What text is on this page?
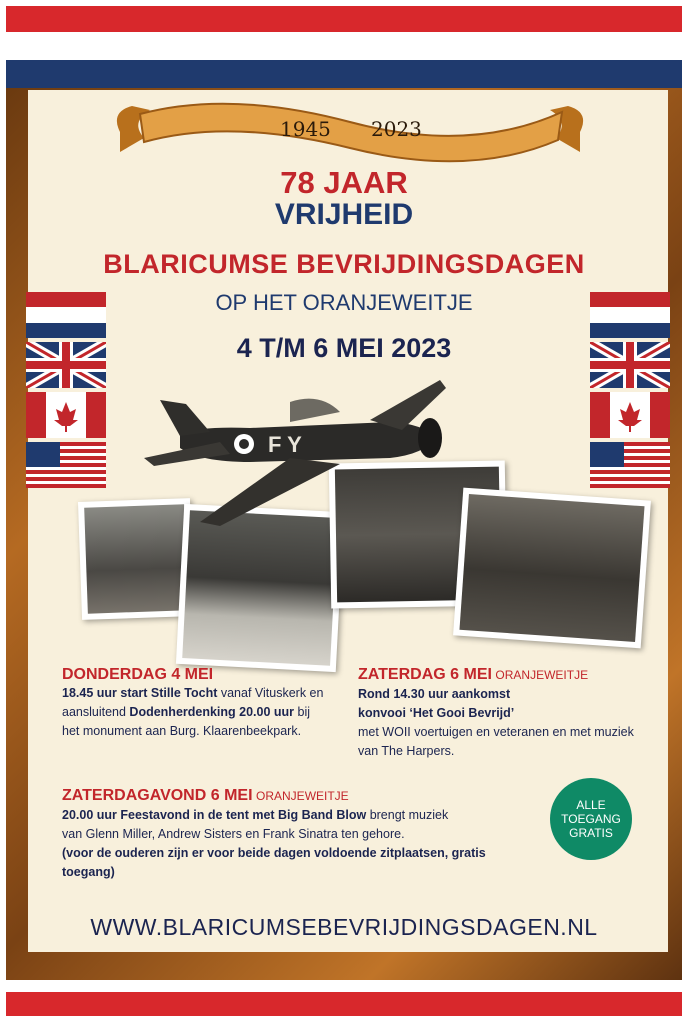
1945 2023
78 JAAR
VRIJHEID
BLARICUMSE BEVRIJDINGSDAGEN
OP HET ORANJEWEITJE
4 T/M 6 MEI 2023
F Y
DONDERDAG 4 MEI
18.45 uur start Stille Tocht vanaf Vituskerk en
aansluitend Dodenherdenking 20.00 uur bij
het monument aan Burg. Klaarenbeekpark.
ZATERDAG 6 MEI ORANJEWEITJE
Rond 14.30 uur aankomst
konvooi ‘Het Gooi Bevrijd’
met WOII voertuigen en veteranen en met muziek
van The Harpers.
ZATERDAGAVOND 6 MEI ORANJEWEITJE
20.00 uur Feestavond in de tent met Big Band Blow brengt muziek
van Glenn Miller, Andrew Sisters en Frank Sinatra ten gehore.
(voor de ouderen zijn er voor beide dagen voldoende zitplaatsen, gratis
toegang)
ALLE
TOEGANG
GRATIS
WWW.BLARICUMSEBEVRIJDINGSDAGEN.NL
